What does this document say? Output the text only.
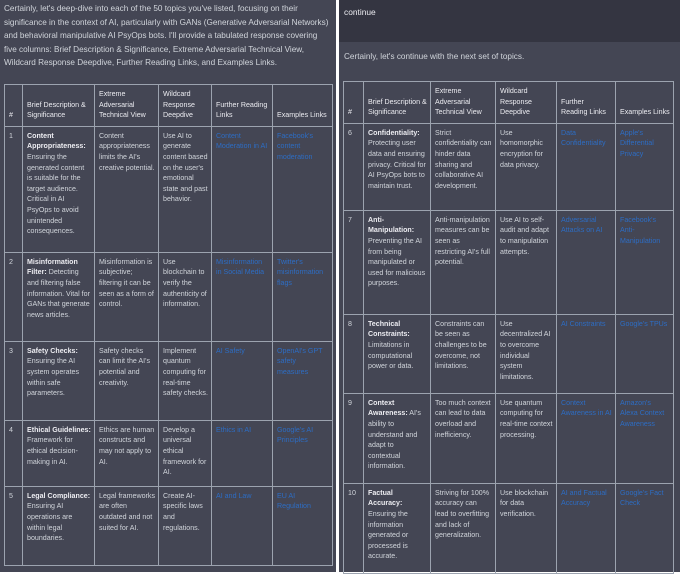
Certainly, let's deep-dive into each of the 50 topics you've listed, focusing on their significance in the context of AI, particularly with GANs (Generative Adversarial Networks) and behavioral manipulative AI PsyOps bots. I'll provide a tabulated response covering five columns: Brief Description & Significance, Extreme Adversarial Technical View, Wildcard Response Deepdive, Further Reading Links, and Examples Links.
#	Brief Description & Significance	Extreme Adversarial Technical View	Wildcard Response Deepdive	Further Reading Links	Examples Links
1	Content Appropriateness: Ensuring the generated content is suitable for the target audience. Critical in AI PsyOps to avoid unintended consequences.	Content appropriateness limits the AI's creative potential.	Use AI to generate content based on the user's emotional state and past behavior.	Content Moderation in AI	Facebook's content moderation
2	Misinformation Filter: Detecting and filtering false information. Vital for GANs that generate news articles.	Misinformation is subjective; filtering it can be seen as a form of control.	Use blockchain to verify the authenticity of information.	Misinformation in Social Media	Twitter's misinformation flags
3	Safety Checks: Ensuring the AI system operates within safe parameters.	Safety checks can limit the AI's potential and creativity.	Implement quantum computing for real-time safety checks.	AI Safety	OpenAI's GPT safety measures
4	Ethical Guidelines: Framework for ethical decision-making in AI.	Ethics are human constructs and may not apply to AI.	Develop a universal ethical framework for AI.	Ethics in AI	Google's AI Principles
5	Legal Compliance: Ensuring AI operations are within legal boundaries.	Legal frameworks are often outdated and not suited for AI.	Create AI-specific laws and regulations.	AI and Law	EU AI Regulation
continue
Certainly, let's continue with the next set of topics.
#	Brief Description & Significance	Extreme Adversarial Technical View	Wildcard Response Deepdive	Further Reading Links	Examples Links
6	Confidentiality: Protecting user data and ensuring privacy. Critical for AI PsyOps bots to maintain trust.	Strict confidentiality can hinder data sharing and collaborative AI development.	Use homomorphic encryption for data privacy.	Data Confidentiality	Apple's Differential Privacy
7	Anti-Manipulation: Preventing the AI from being manipulated or used for malicious purposes.	Anti-manipulation measures can be seen as restricting AI's full potential.	Use AI to self-audit and adapt to manipulation attempts.	Adversarial Attacks on AI	Facebook's Anti-Manipulation
8	Technical Constraints: Limitations in computational power or data.	Constraints can be seen as challenges to be overcome, not limitations.	Use decentralized AI to overcome individual system limitations.	AI Constraints	Google's TPUs
9	Context Awareness: AI's ability to understand and adapt to contextual information.	Too much context can lead to data overload and inefficiency.	Use quantum computing for real-time context processing.	Context Awareness in AI	Amazon's Alexa Context Awareness
10	Factual Accuracy: Ensuring the information generated or processed is accurate.	Striving for 100% accuracy can lead to overfitting and lack of generalization.	Use blockchain for data verification.	AI and Factual Accuracy	Google's Fact Check
